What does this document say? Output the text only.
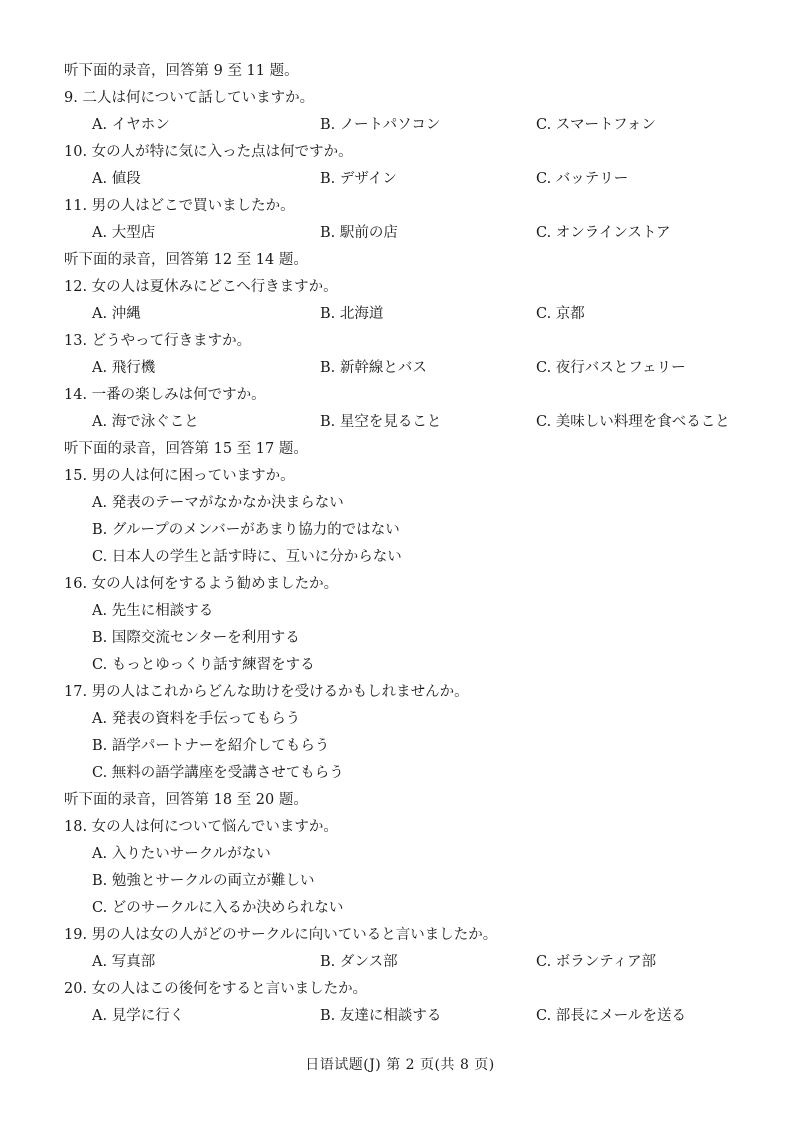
听下面的录音，回答第 9 至 11 题。
9. 二人は何について話していますか。
A. イヤホン	B. ノートパソコン	C. スマートフォン
10. 女の人が特に気に入った点は何ですか。
A. 値段	B. デザイン	C. バッテリー
11. 男の人はどこで買いましたか。
A. 大型店	B. 駅前の店	C. オンラインストア
听下面的录音，回答第 12 至 14 题。
12. 女の人は夏休みにどこへ行きますか。
A. 沖縄	B. 北海道	C. 京都
13. どうやって行きますか。
A. 飛行機	B. 新幹線とバス	C. 夜行バスとフェリー
14. 一番の楽しみは何ですか。
A. 海で泳ぐこと	B. 星空を見ること	C. 美味しい料理を食べること
听下面的录音，回答第 15 至 17 题。
15. 男の人は何に困っていますか。
A. 発表のテーマがなかなか決まらない
B. グループのメンバーがあまり協力的ではない
C. 日本人の学生と話す時に、互いに分からない
16. 女の人は何をするよう勧めましたか。
A. 先生に相談する
B. 国際交流センターを利用する
C. もっとゆっくり話す練習をする
17. 男の人はこれからどんな助けを受けるかもしれませんか。
A. 発表の資料を手伝ってもらう
B. 語学パートナーを紹介してもらう
C. 無料の語学講座を受講させてもらう
听下面的录音，回答第 18 至 20 题。
18. 女の人は何について悩んでいますか。
A. 入りたいサークルがない
B. 勉強とサークルの両立が難しい
C. どのサークルに入るか決められない
19. 男の人は女の人がどのサークルに向いていると言いましたか。
A. 写真部	B. ダンス部	C. ボランティア部
20. 女の人はこの後何をすると言いましたか。
A. 見学に行く	B. 友達に相談する	C. 部長にメールを送る
日语试题(J) 第 2 页(共 8 页)
